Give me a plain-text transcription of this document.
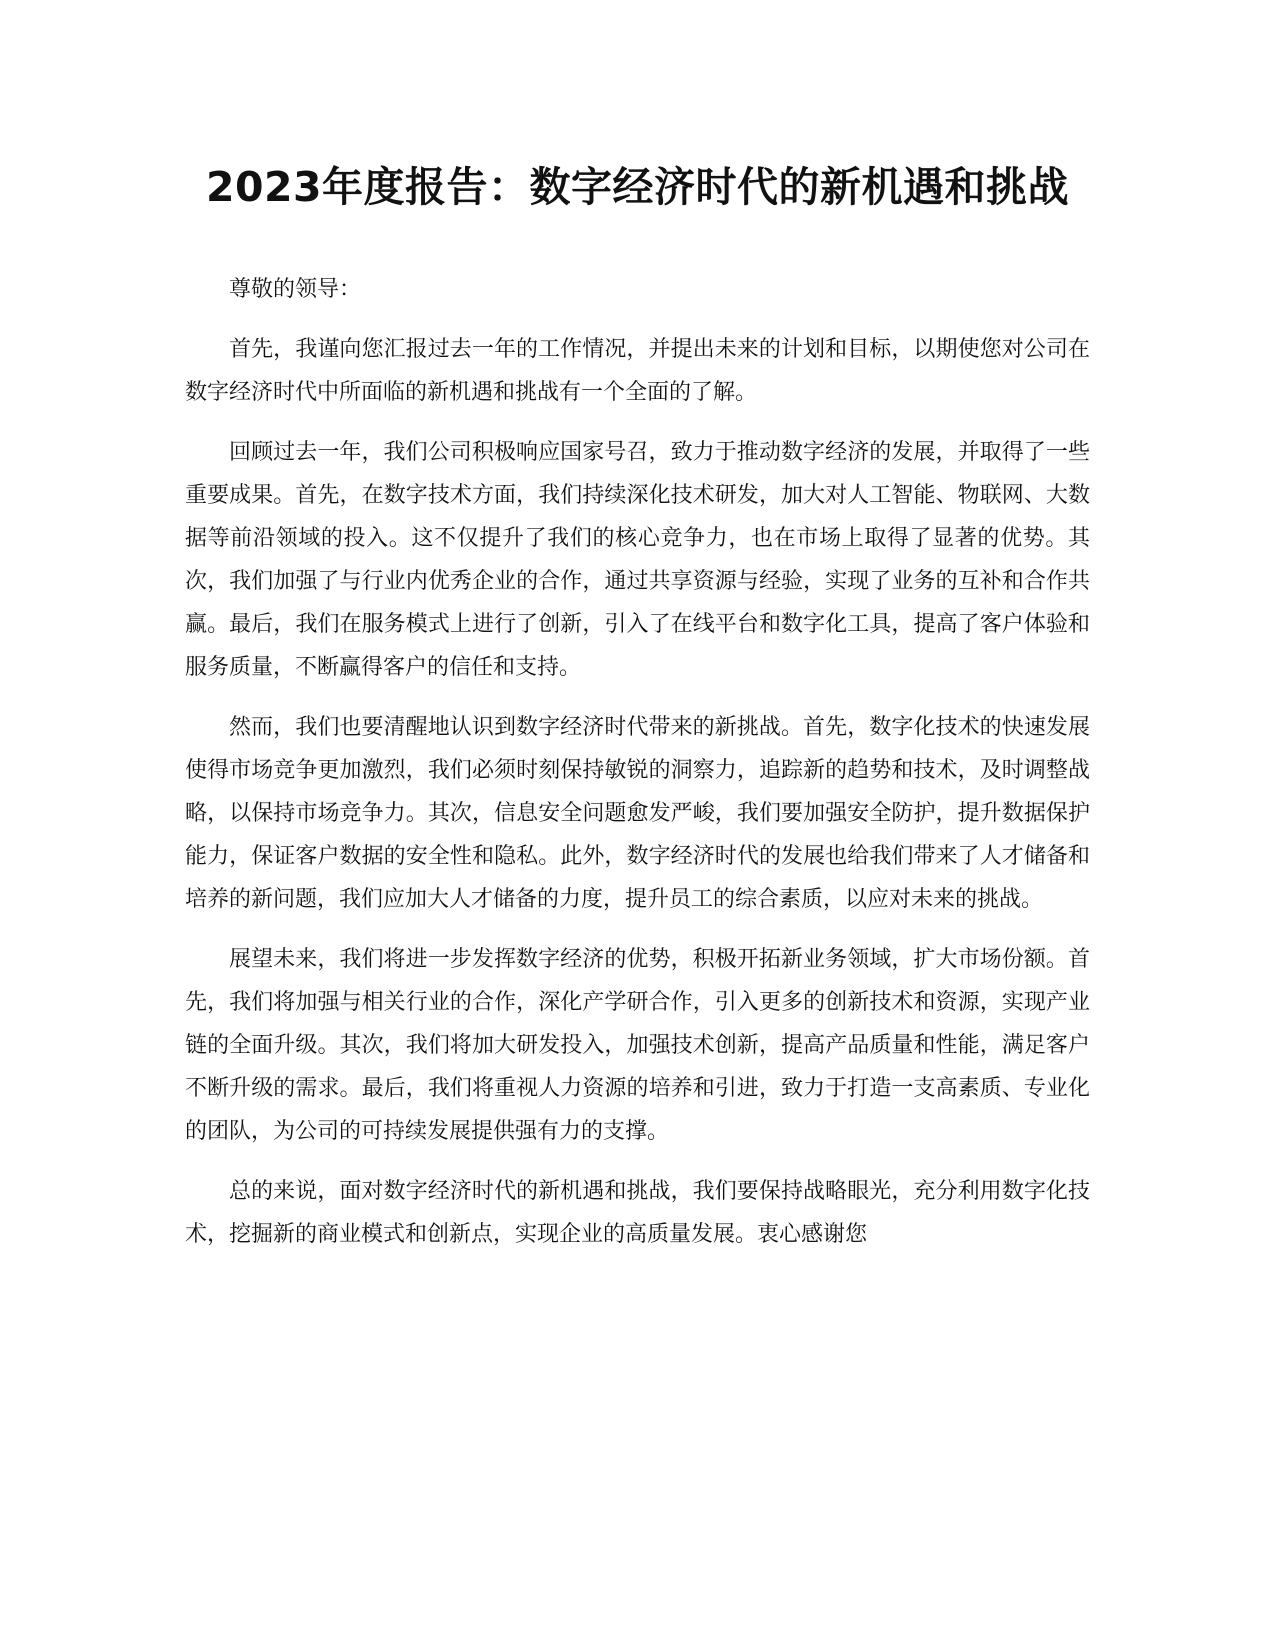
2023年度报告：数字经济时代的新机遇和挑战

尊敬的领导：

首先，我谨向您汇报过去一年的工作情况，并提出未来的计划和目标，以期使您对公司在数字经济时代中所面临的新机遇和挑战有一个全面的了解。

回顾过去一年，我们公司积极响应国家号召，致力于推动数字经济的发展，并取得了一些重要成果。首先，在数字技术方面，我们持续深化技术研发，加大对人工智能、物联网、大数据等前沿领域的投入。这不仅提升了我们的核心竞争力，也在市场上取得了显著的优势。其次，我们加强了与行业内优秀企业的合作，通过共享资源与经验，实现了业务的互补和合作共赢。最后，我们在服务模式上进行了创新，引入了在线平台和数字化工具，提高了客户体验和服务质量，不断赢得客户的信任和支持。

然而，我们也要清醒地认识到数字经济时代带来的新挑战。首先，数字化技术的快速发展使得市场竞争更加激烈，我们必须时刻保持敏锐的洞察力，追踪新的趋势和技术，及时调整战略，以保持市场竞争力。其次，信息安全问题愈发严峻，我们要加强安全防护，提升数据保护能力，保证客户数据的安全性和隐私。此外，数字经济时代的发展也给我们带来了人才储备和培养的新问题，我们应加大人才储备的力度，提升员工的综合素质，以应对未来的挑战。

展望未来，我们将进一步发挥数字经济的优势，积极开拓新业务领域，扩大市场份额。首先，我们将加强与相关行业的合作，深化产学研合作，引入更多的创新技术和资源，实现产业链的全面升级。其次，我们将加大研发投入，加强技术创新，提高产品质量和性能，满足客户不断升级的需求。最后，我们将重视人力资源的培养和引进，致力于打造一支高素质、专业化的团队，为公司的可持续发展提供强有力的支撑。

总的来说，面对数字经济时代的新机遇和挑战，我们要保持战略眼光，充分利用数字化技术，挖掘新的商业模式和创新点，实现企业的高质量发展。衷心感谢您
